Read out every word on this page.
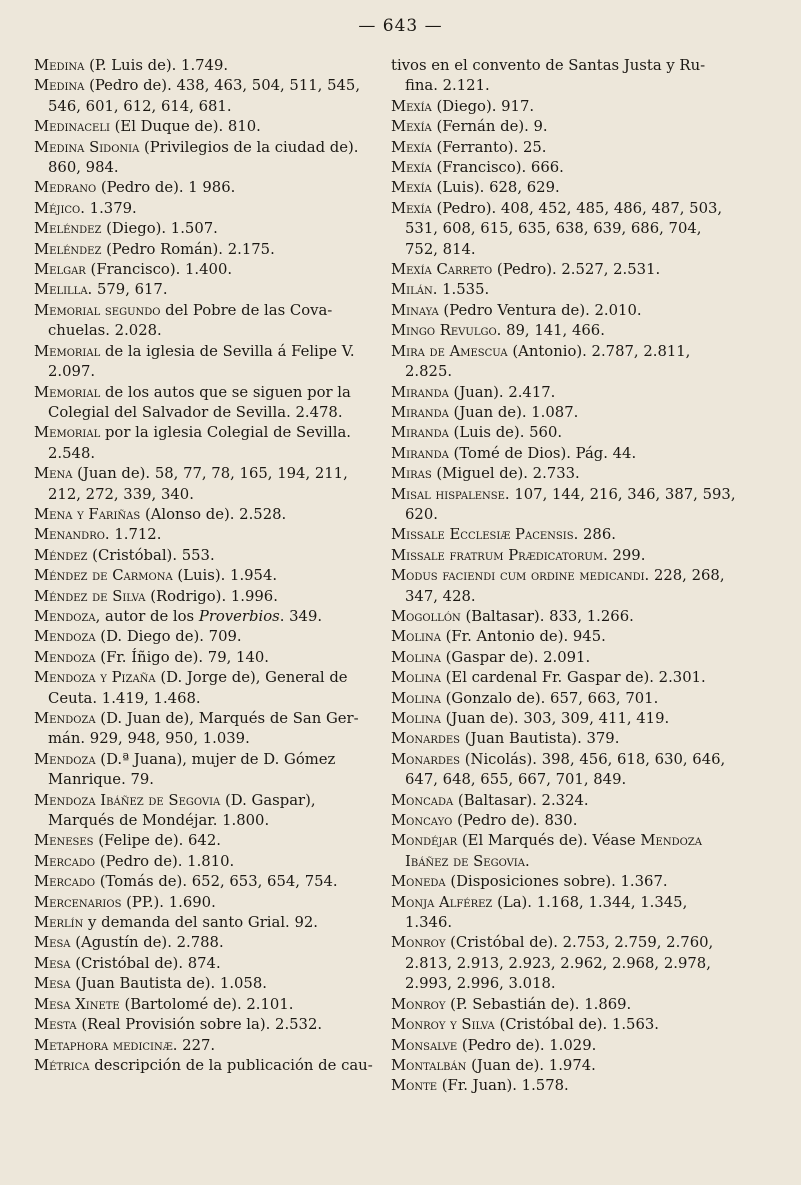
— 643 —

Medina (P. Luis de). 1.749.

Medina (Pedro de). 438, 463, 504, 511, 545, 546, 601, 612, 614, 681.

Medinaceli (El Duque de). 810.

Medina Sidonia (Privilegios de la ciudad de). 860, 984.

Medrano (Pedro de). 1 986.

Méjico. 1.379.

Meléndez (Diego). 1.507.

Meléndez (Pedro Román). 2.175.

Melgar (Francisco). 1.400.

Melilla. 579, 617.

Memorial segundo del Pobre de las Cova-chuelas. 2.028.

Memorial de la iglesia de Sevilla á Felipe V. 2.097.

Memorial de los autos que se siguen por la Colegial del Salvador de Sevilla. 2.478.

Memorial por la iglesia Colegial de Sevilla. 2.548.

Mena (Juan de). 58, 77, 78, 165, 194, 211, 212, 272, 339, 340.

Mena y Fariñas (Alonso de). 2.528.

Menandro. 1.712.

Méndez (Cristóbal). 553.

Méndez de Carmona (Luis). 1.954.

Méndez de Silva (Rodrigo). 1.996.

Mendoza, autor de los Proverbios. 349.

Mendoza (D. Diego de). 709.

Mendoza (Fr. Íñigo de). 79, 140.

Mendoza y Pizaña (D. Jorge de), General de Ceuta. 1.419, 1.468.

Mendoza (D. Juan de), Marqués de San Ger-mán. 929, 948, 950, 1.039.

Mendoza (D.ª Juana), mujer de D. Gómez Manrique. 79.

Mendoza Ibáñez de Segovia (D. Gaspar), Marqués de Mondéjar. 1.800.

Meneses (Felipe de). 642.

Mercado (Pedro de). 1.810.

Mercado (Tomás de). 652, 653, 654, 754.

Mercenarios (PP.). 1.690.

Merlín y demanda del santo Grial. 92.

Mesa (Agustín de). 2.788.

Mesa (Cristóbal de). 874.

Mesa (Juan Bautista de). 1.058.

Mesa Xinete (Bartolomé de). 2.101.

Mesta (Real Provisión sobre la). 2.532.

Metaphora medicinæ. 227.

Métrica descripción de la publicación de cau-

tivos en el convento de Santas Justa y Ru-fina. 2.121.

Mexía (Diego). 917.

Mexía (Fernán de). 9.

Mexía (Ferranto). 25.

Mexía (Francisco). 666.

Mexía (Luis). 628, 629.

Mexía (Pedro). 408, 452, 485, 486, 487, 503, 531, 608, 615, 635, 638, 639, 686, 704, 752, 814.

Mexía Carreto (Pedro). 2.527, 2.531.

Milán. 1.535.

Minaya (Pedro Ventura de). 2.010.

Mingo Revulgo. 89, 141, 466.

Mira de Amescua (Antonio). 2.787, 2.811, 2.825.

Miranda (Juan). 2.417.

Miranda (Juan de). 1.087.

Miranda (Luis de). 560.

Miranda (Tomé de Dios). Pág. 44.

Miras (Miguel de). 2.733.

Misal hispalense. 107, 144, 216, 346, 387, 593, 620.

Missale Ecclesiæ Pacensis. 286.

Missale fratrum Prædicatorum. 299.

Modus faciendi cum ordine medicandi. 228, 268, 347, 428.

Mogollón (Baltasar). 833, 1.266.

Molina (Fr. Antonio de). 945.

Molina (Gaspar de). 2.091.

Molina (El cardenal Fr. Gaspar de). 2.301.

Molina (Gonzalo de). 657, 663, 701.

Molina (Juan de). 303, 309, 411, 419.

Monardes (Juan Bautista). 379.

Monardes (Nicolás). 398, 456, 618, 630, 646, 647, 648, 655, 667, 701, 849.

Moncada (Baltasar). 2.324.

Moncayo (Pedro de). 830.

Mondéjar (El Marqués de). Véase Mendoza Ibáñez de Segovia.

Moneda (Disposiciones sobre). 1.367.

Monja Alférez (La). 1.168, 1.344, 1.345, 1.346.

Monroy (Cristóbal de). 2.753, 2.759, 2.760, 2.813, 2.913, 2.923, 2.962, 2.968, 2.978, 2.993, 2.996, 3.018.

Monroy (P. Sebastián de). 1.869.

Monroy y Silva (Cristóbal de). 1.563.

Monsalve (Pedro de). 1.029.

Montalbán (Juan de). 1.974.

Monte (Fr. Juan). 1.578.
